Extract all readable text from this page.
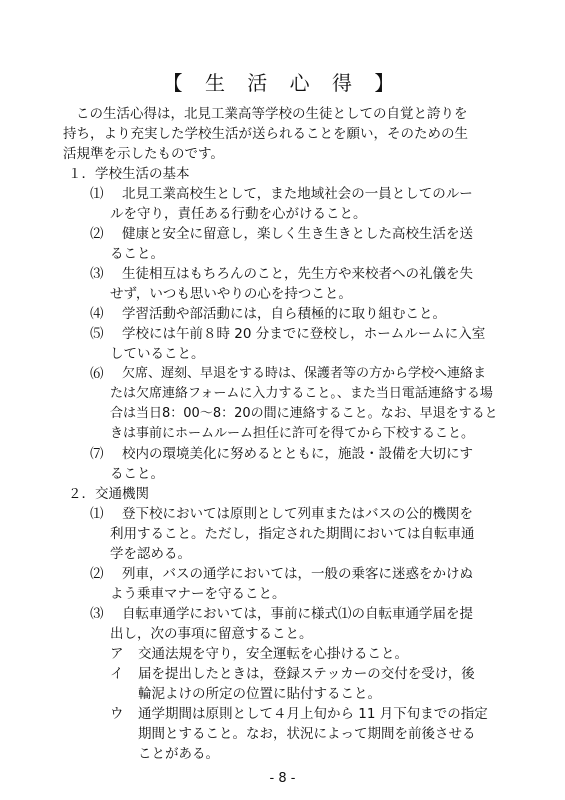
【 生 活 心 得 】
この生活心得は，北見工業高等学校の生徒としての自覚と誇りを
持ち，より充実した学校生活が送られることを願い，そのための生
活規準を示したものです。
１．学校生活の基本
⑴ 北見工業高校生として，また地域社会の一員としてのルー
ルを守り，責任ある行動を心がけること。
⑵ 健康と安全に留意し，楽しく生き生きとした高校生活を送
ること。
⑶ 生徒相互はもちろんのこと，先生方や来校者への礼儀を失
せず，いつも思いやりの心を持つこと。
⑷ 学習活動や部活動には，自ら積極的に取り組むこと。
⑸ 学校には午前８時 20 分までに登校し，ホームルームに入室
していること。
⑹ 欠席、遅刻、早退をする時は、保護者等の方から学校へ連絡ま
たは欠席連絡フォームに入力すること。、また当日電話連絡する場
合は当日8：00～8：20の間に連絡すること。なお、早退をすると
きは事前にホームルーム担任に許可を得てから下校すること。
⑺ 校内の環境美化に努めるとともに，施設・設備を大切にす
ること。
２．交通機関
⑴ 登下校においては原則として列車またはバスの公的機関を
利用すること。ただし，指定された期間においては自転車通
学を認める。
⑵ 列車，バスの通学においては，一般の乗客に迷惑をかけぬ
よう乗車マナーを守ること。
⑶ 自転車通学においては，事前に様式⑴の自転車通学届を提
出し，次の事項に留意すること。
ア 交通法規を守り，安全運転を心掛けること。
イ 届を提出したときは，登録ステッカーの交付を受け，後
輪泥よけの所定の位置に貼付すること。
ウ 通学期間は原則として４月上旬から 11 月下旬までの指定
期間とすること。なお，状況によって期間を前後させる
ことがある。
- 8 -
